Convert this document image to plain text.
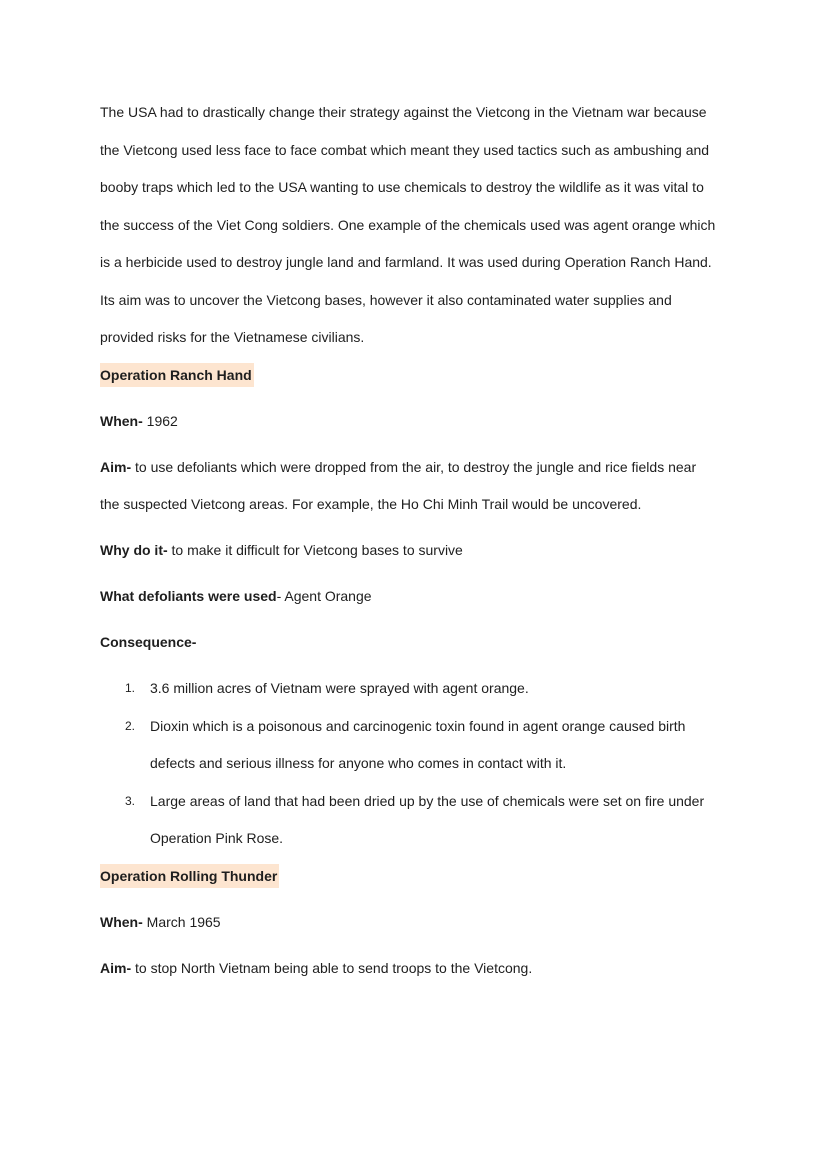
The USA had to drastically change their strategy against the Vietcong in the Vietnam war because
the Vietcong used less face to face combat which meant they used tactics such as ambushing and
booby traps which led to the USA wanting to use chemicals to destroy the wildlife as it was vital to
the success of the Viet Cong soldiers. One example of the chemicals used was agent orange which
is a herbicide used to destroy jungle land and farmland. It was used during Operation Ranch Hand.
Its aim was to uncover the Vietcong bases, however it also contaminated water supplies and
provided risks for the Vietnamese civilians.
Operation Ranch Hand
When- 1962
Aim- to use defoliants which were dropped from the air, to destroy the jungle and rice fields near
the suspected Vietcong areas. For example, the Ho Chi Minh Trail would be uncovered.
Why do it- to make it difficult for Vietcong bases to survive
What defoliants were used- Agent Orange
Consequence-
1. 3.6 million acres of Vietnam were sprayed with agent orange.
2. Dioxin which is a poisonous and carcinogenic toxin found in agent orange caused birth
defects and serious illness for anyone who comes in contact with it.
3. Large areas of land that had been dried up by the use of chemicals were set on fire under
Operation Pink Rose.
Operation Rolling Thunder
When- March 1965
Aim- to stop North Vietnam being able to send troops to the Vietcong.
